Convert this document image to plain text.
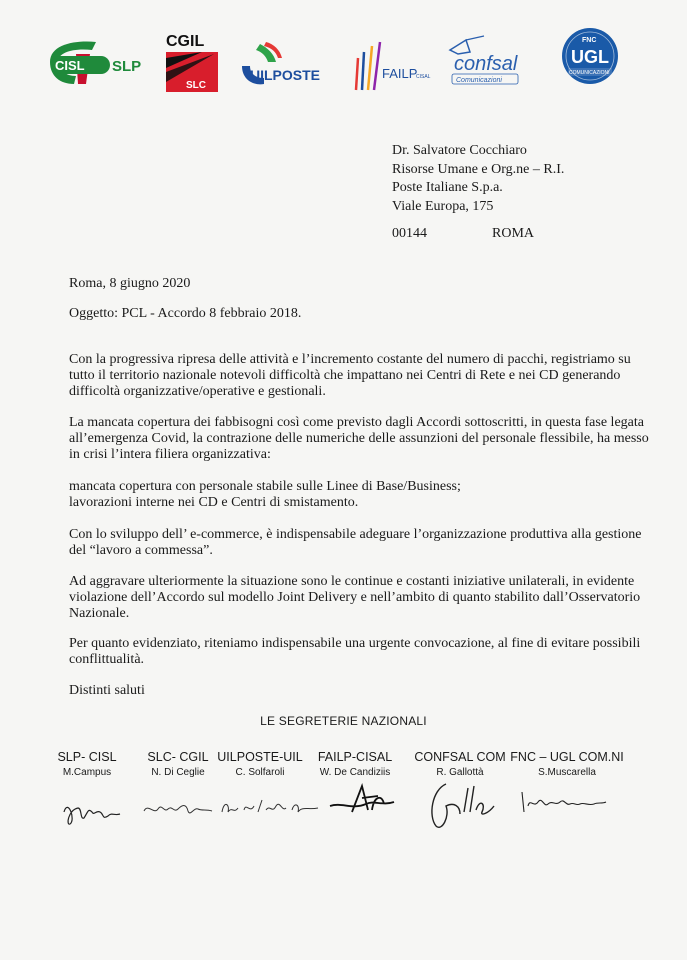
CISL SLP
CGIL
SLC
UILPOSTE	FAILP
CISAL
confsal
Comunicazioni
FNC
UGL
COMUNICAZIONI
Dr. Salvatore Cocchiaro
Risorse Umane e Org.ne – R.I.
Poste Italiane S.p.a.
Viale Europa, 175
00144	ROMA
Roma, 8 giugno 2020
Oggetto: PCL - Accordo 8 febbraio 2018.
Con la progressiva ripresa delle attività e l’incremento costante del numero di pacchi, registriamo su tutto il territorio nazionale notevoli difficoltà che impattano nei Centri di Rete e nei CD generando difficoltà organizzative/operative e gestionali.
La mancata copertura dei fabbisogni così come previsto dagli Accordi sottoscritti, in questa fase legata all’emergenza Covid, la contrazione delle numeriche delle assunzioni del personale flessibile, ha messo in crisi l’intera filiera organizzativa:
mancata copertura con personale stabile sulle Linee di Base/Business;
lavorazioni interne nei CD e Centri di smistamento.
Con lo sviluppo dell’ e-commerce, è indispensabile adeguare l’organizzazione produttiva alla gestione del “lavoro a commessa”.
Ad aggravare ulteriormente la situazione sono le continue e costanti iniziative unilaterali, in evidente violazione dell’Accordo sul modello Joint Delivery e nell’ambito di quanto stabilito dall’Osservatorio Nazionale.
Per quanto evidenziato, riteniamo indispensabile una urgente convocazione, al fine di evitare possibili conflittualità.
Distinti saluti
LE SEGRETERIE NAZIONALI
SLP- CISL
M.Campus
SLC- CGIL
N. Di Ceglie
UILPOSTE-UIL
C. Solfaroli
FAILP-CISAL
W. De Candiziis
CONFSAL COM
R. Gallottà
FNC – UGL COM.NI
S.Muscarella
